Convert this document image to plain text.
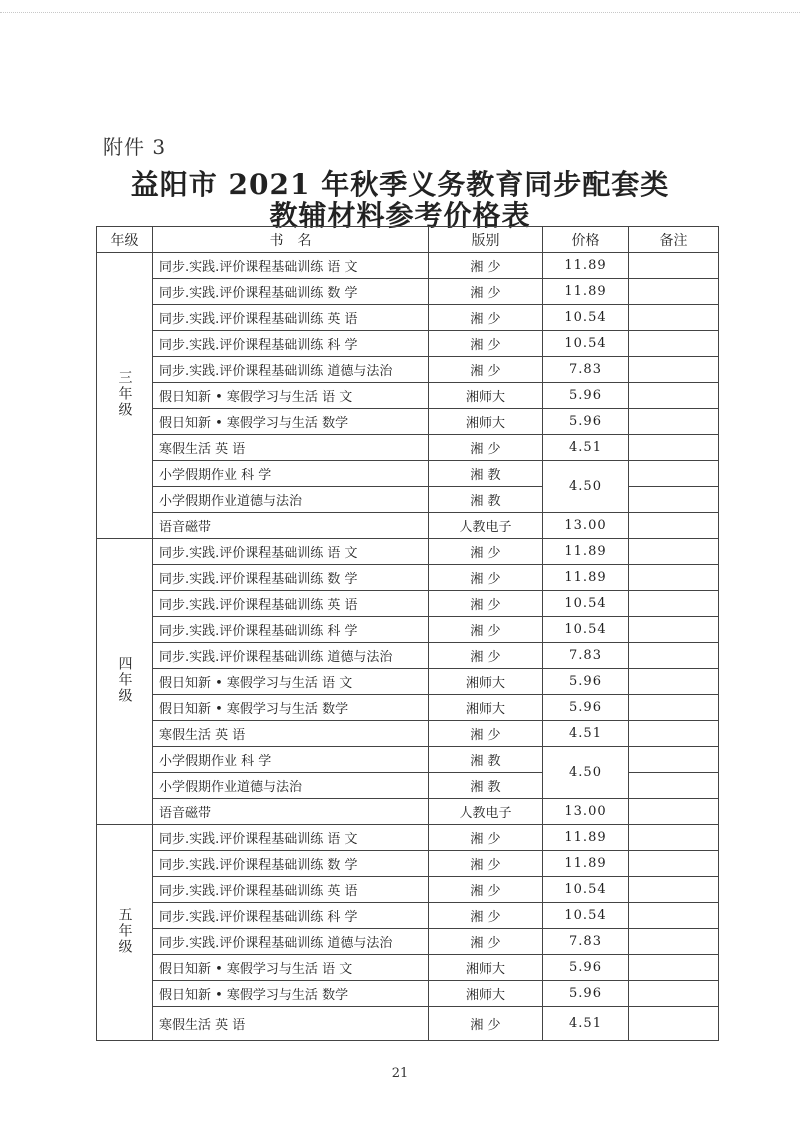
附件 3
益阳市 2021 年秋季义务教育同步配套类
教辅材料参考价格表
年级	书　名	版别	价格	备注
三年级	同步.实践.评价课程基础训练 语 文	湘 少	11.89	
	同步.实践.评价课程基础训练 数 学	湘 少	11.89	
	同步.实践.评价课程基础训练 英 语	湘 少	10.54	
	同步.实践.评价课程基础训练 科 学	湘 少	10.54	
	同步.实践.评价课程基础训练 道德与法治	湘 少	7.83	
	假日知新 • 寒假学习与生活 语 文	湘师大	5.96	
	假日知新 • 寒假学习与生活 数学	湘师大	5.96	
	寒假生活 英 语	湘 少	4.51	
	小学假期作业 科 学	湘 教	4.50	
	小学假期作业道德与法治	湘 教		
	语音磁带	人教电子	13.00	
四年级	同步.实践.评价课程基础训练 语 文	湘 少	11.89	
	同步.实践.评价课程基础训练 数 学	湘 少	11.89	
	同步.实践.评价课程基础训练 英 语	湘 少	10.54	
	同步.实践.评价课程基础训练 科 学	湘 少	10.54	
	同步.实践.评价课程基础训练 道德与法治	湘 少	7.83	
	假日知新 • 寒假学习与生活 语 文	湘师大	5.96	
	假日知新 • 寒假学习与生活 数学	湘师大	5.96	
	寒假生活 英 语	湘 少	4.51	
	小学假期作业 科 学	湘 教	4.50	
	小学假期作业道德与法治	湘 教		
	语音磁带	人教电子	13.00	
五年级	同步.实践.评价课程基础训练 语 文	湘 少	11.89	
	同步.实践.评价课程基础训练 数 学	湘 少	11.89	
	同步.实践.评价课程基础训练 英 语	湘 少	10.54	
	同步.实践.评价课程基础训练 科 学	湘 少	10.54	
	同步.实践.评价课程基础训练 道德与法治	湘 少	7.83	
	假日知新 • 寒假学习与生活 语 文	湘师大	5.96	
	假日知新 • 寒假学习与生活 数学	湘师大	5.96	
	寒假生活 英 语	湘 少	4.51	
21
